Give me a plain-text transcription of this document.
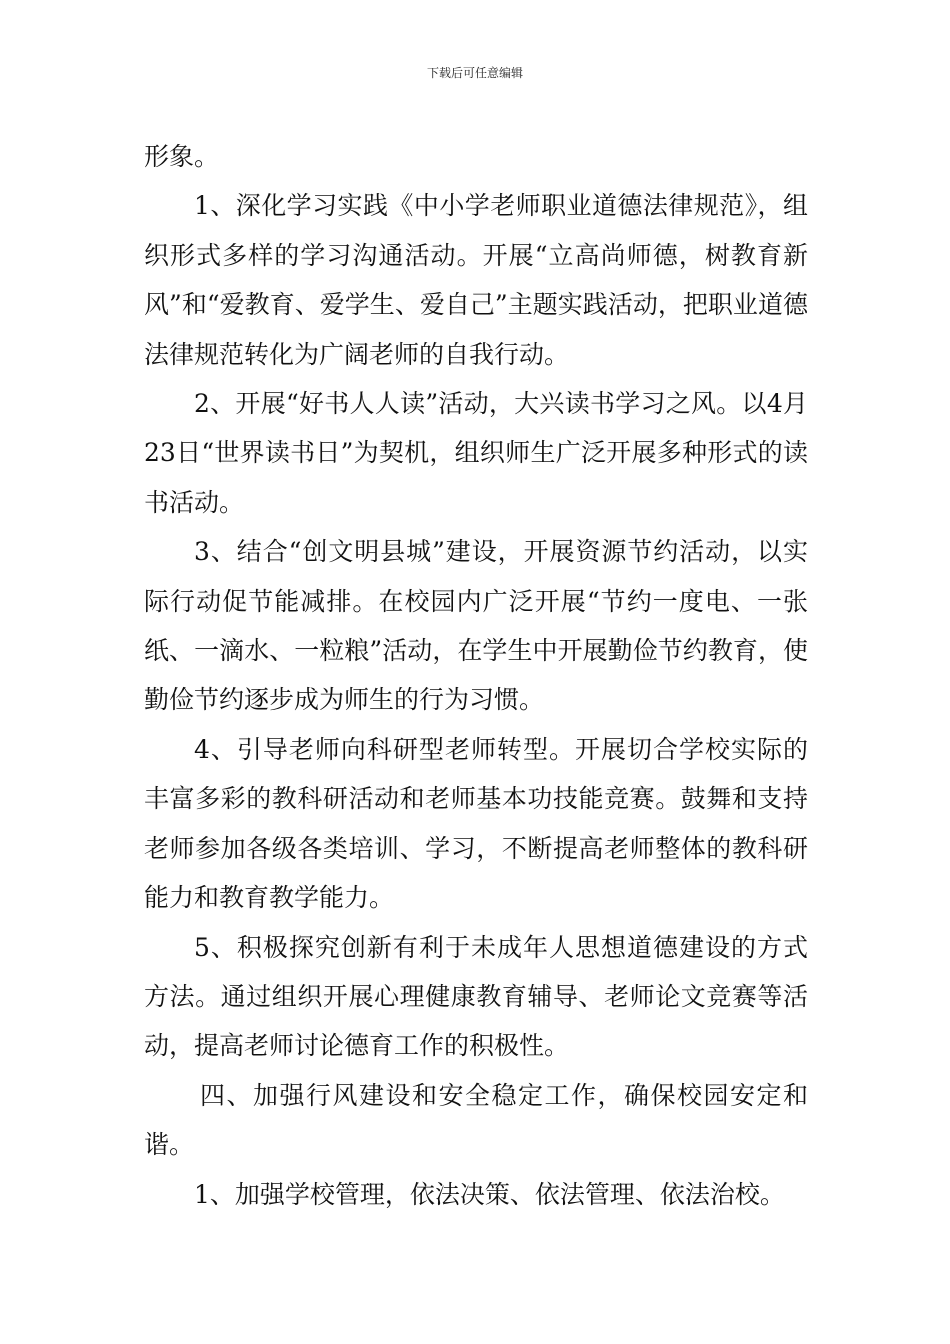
下载后可任意编辑

形象。

1、深化学习实践《中小学老师职业道德法律规范》，组织形式多样的学习沟通活动。开展“立高尚师德，树教育新风”和“爱教育、爱学生、爱自己”主题实践活动，把职业道德法律规范转化为广阔老师的自我行动。

2、开展“好书人人读”活动，大兴读书学习之风。以4月23日“世界读书日”为契机，组织师生广泛开展多种形式的读书活动。

3、结合“创文明县城”建设，开展资源节约活动，以实际行动促节能减排。在校园内广泛开展“节约一度电、一张纸、一滴水、一粒粮”活动，在学生中开展勤俭节约教育，使勤俭节约逐步成为师生的行为习惯。

4、引导老师向科研型老师转型。开展切合学校实际的丰富多彩的教科研活动和老师基本功技能竞赛。鼓舞和支持老师参加各级各类培训、学习，不断提高老师整体的教科研能力和教育教学能力。

5、积极探究创新有利于未成年人思想道德建设的方式方法。通过组织开展心理健康教育辅导、老师论文竞赛等活动，提高老师讨论德育工作的积极性。

四、加强行风建设和安全稳定工作，确保校园安定和谐。

1、加强学校管理，依法决策、依法管理、依法治校。
